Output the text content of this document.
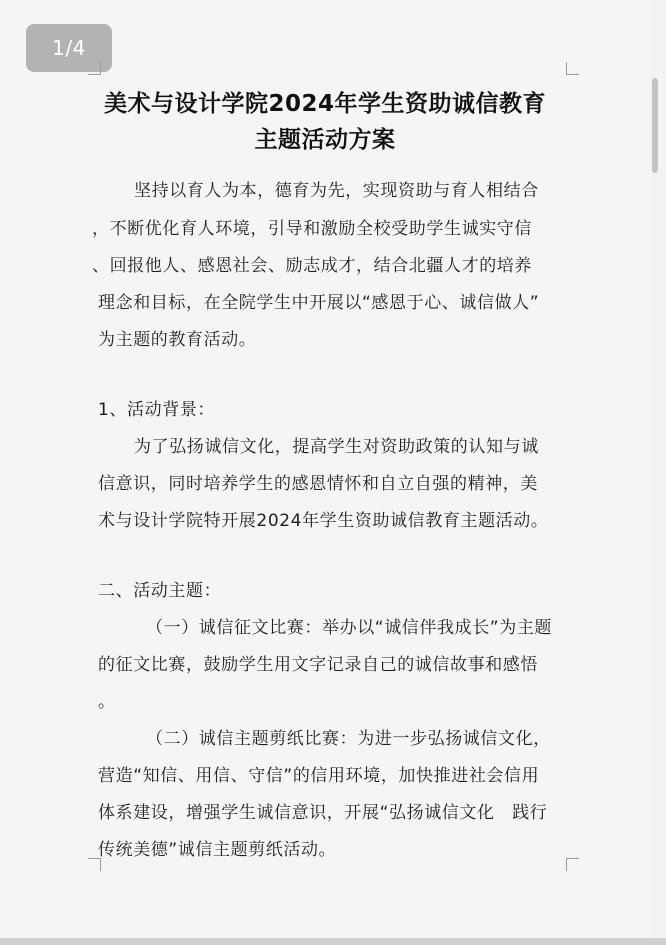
1/4
美术与设计学院2024年学生资助诚信教育
主题活动方案
坚持以育人为本，德育为先，实现资助与育人相结合
，不断优化育人环境，引导和激励全校受助学生诚实守信
、回报他人、感恩社会、励志成才，结合北疆人才的培养
理念和目标，在全院学生中开展以“感恩于心、诚信做人”
为主题的教育活动。
1、活动背景：
为了弘扬诚信文化，提高学生对资助政策的认知与诚
信意识，同时培养学生的感恩情怀和自立自强的精神，美
术与设计学院特开展2024年学生资助诚信教育主题活动。
二、活动主题：
（一）诚信征文比赛：举办以“诚信伴我成长”为主题
的征文比赛，鼓励学生用文字记录自己的诚信故事和感悟
。
（二）诚信主题剪纸比赛：为进一步弘扬诚信文化，
营造“知信、用信、守信”的信用环境，加快推进社会信用
体系建设，增强学生诚信意识，开展“弘扬诚信文化　践行
传统美德”诚信主题剪纸活动。
